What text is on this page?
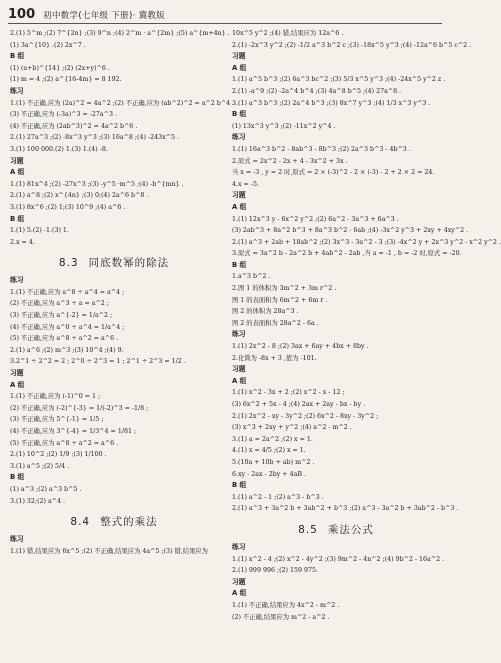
100 初中数学(七年级 下册)· 冀教版
2.(1) 5^m ;(2) 7^{2n} ;(3) 9^n ;(4) 2^m · a^{2m} ;(5) a^{m+4n} .
(1) 3a^{10} .(2) 2x^7 .
B 组
(1) (a+b)^{14} ;(2) (2x+y)^6 .
(1) m = 4 ;(2) a^{16-4m} = 8 192.
练习
1.(1) 不正确,应为 (2a)^2 = 4a^2 ;(2) 不正确,应为 (ab^2)^2 = a^2 b^4 .
(3) 不正确,应为 (-3a)^3 = -27a^3 .
(4) 不正确,应为 (2ab^3)^2 = 4a^2 b^6 .
2.(1) 27a^3 ;(2) -8x^3 y^3 ;(3) 16a^8 ;(4) -243x^5 .
3.(1) 100 000.(2) 1.(3) 1.(4) -8.
习题
A 组
1.(1) 81x^4 ;(2) -27x^3 ;(3) -y^5 ·m^5 ;(4) -b^{mn} .
2.(1) a^8 ;(2) x^{4n} ;(3) 0;(4) 2a^6 b^8 .
3.(1) 8x^6 ;(2) 1;(3) 10^9 ;(4) a^6 .
B 组
1.(1) 5.(2) -1.(3) 1.
2.x = 4.
8.3 同底数幂的除法
练习
1.(1) 不正确,应为 a^8 ÷ a^4 = a^4 ;
(2) 不正确,应为 a^3 ÷ a = a^2 ;
(3) 不正确,应为 a^{-2} = 1/a^2 ;
(4) 不正确,应为 a^0 ÷ a^4 = 1/a^4 ;
(5) 不正确,应为 a^8 ÷ a^2 = a^6 .
2.(1) a^6 ;(2) m^3 ;(3) 10^4 ;(4) 9.
3.2^1 ÷ 2^2 = 2 ; 2^0 ÷ 2^3 = 1 ; 2^1 ÷ 2^3 = 1/2 .
习题
A 组
1.(1) 不正确,应为 (-1)^0 = 1 ;
(2) 不正确,应为 (-2)^{-3} = 1/(-2)^3 = -1/8 ;
(3) 不正确,应为 5^{-1} = 1/5 ;
(4) 不正确,应为 3^{-4} = 1/3^4 = 1/81 ;
(5) 不正确,应为 a^8 ÷ a^2 = a^6 .
2.(1) 10^2 ;(2) 1/9 ;(3) 1/100 .
3.(1) a^5 ;(2) 5/4 .
B 组
(1) a^3 ;(2) a^3 b^5 .
3.(1) 32;(2) a^4 .
8.4 整式的乘法
练习
1.(1) 错,结果应为 6x^5 ;(2) 不正确,结果应为 4a^5 ;(3) 错,结果应为
10x^5 y^2 ;(4) 错,结果应为 12a^6 .
2.(1) -2x^3 y^2 ;(2) -1/2 a^3 b^2 c ;(3) -18x^5 y^3 ;(4) -12a^6 b^5 c^2 .
习题
A 组
1.(1) a^5 b^3 ;(2) 6a^3 bc^2 ;(3) 5/3 x^5 y^3 ;(4) -24x^5 y^2 z .
2.(1) -a^9 ;(2) -2a^4 b^4 ;(3) 4a^8 b^5 ;(4) 27a^8 .
3.(1) a^3 b^3 ;(2) 2a^4 b^3 ;(3) 8x^7 y^3 ;(4) 1/3 x^3 y^3 .
B 组
(1) 13x^3 y^3 ;(2) -11x^2 y^4 .
练习
1.(1) 16a^3 b^2 - 8ab^3 - 8b^3 ;(2) 2a^3 b^3 - 4b^3 .
2.原式 = 2x^2 - 2x + 4 - 3x^2 + 3x .
当 x = -3 , y = 2 时,原式 = 2 × (-3)^2 - 2 × (-3) - 2 + 2 × 2 = 24.
4.x = -5.
习题
A 组
1.(1) 12x^3 y - 6x^2 y^2 ;(2) 6a^2 - 3a^3 + 6a^3 .
(3) 2ab^3 + 8a^2 b^3 + 8a^3 b^2 - 6ab ;(4) -3x^2 y^3 + 2xy + 4xy^2 .
2.(1) a^3 + 2ab + 18ab^2 ;(2) 3x^3 - 3a^2 - 3 ;(3) -4x^2 y + 2x^3 y^2 - x^2 y^2 .
3.原式 = 3a^2 b - 2a^2 b + 4ab^2 - 2ab ,当 a = -1 , b = -2 时,原式 = -20.
B 组
1.a^3 b^2 .
2.图 1 的体积为 3m^2 + 3m r^2 .
图 1 的表面积为 6m^2 + 6m r .
图 2 的体积为 28a^3 .
图 2 的表面积为 28a^2 - 6a .
练习
1.(1) 2x^2 - 8 ;(2) 3ax + 6ay + 4bx + 8by .
2.化简为 -8x + 3 ,值为 -101.
习题
A 组
1.(1) x^2 - 3x + 2 ;(2) x^2 - x - 12 ;
(3) 6x^2 + 5x - 4 ;(4) 2ax + 2ay - bx - by .
2.(1) 2x^2 - xy - 3y^2 ;(2) 6x^2 - 8xy - 3y^2 ;
(3) x^3 + 2xy + y^2 ;(4) a^2 - m^2 .
3.(1) a = 2a^2 ;(2) x = 1.
4.(1) x = 4/5 ;(2) x = 1.
5.(10a + 10b + ab) m^2 .
6.xy - 2ax - 2by + 4aB .
B 组
1.(1) a^2 - 1 ;(2) a^3 - b^3 .
2.(1) a^3 + 3a^2 b + 3ab^2 + b^3 ;(2) a^3 - 3a^2 b + 3ab^2 - b^3 .
8.5 乘法公式
练习
1.(1) x^2 - 4 ;(2) x^2 - 4y^2 ;(3) 9m^2 - 4n^2 ;(4) 9b^2 - 16a^2 .
2.(1) 999 996 ;(2) 159 975.
习题
A 组
1.(1) 不正确,结果应为 4x^2 - m^2 .
(2) 不正确,结果应为 m^2 - a^2 .
